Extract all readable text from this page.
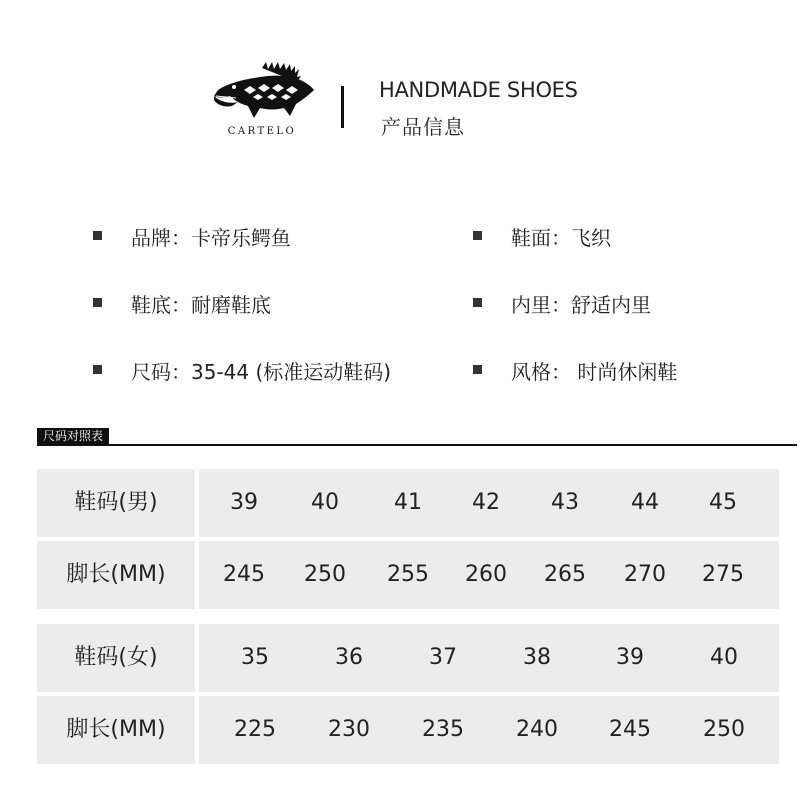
CARTELO
HANDMADE SHOES
产品信息
品牌：卡帝乐鳄鱼
鞋底：耐磨鞋底
尺码：35-44 (标准运动鞋码)
鞋面：飞织
内里：舒适内里
风格： 时尚休闲鞋
尺码对照表
鞋码(男)	39 40	41 42 43 44 45
脚长(MM)	245 250 255 260 265 270 275
鞋码(女)	35	36	37	38	39	40
脚长(MM)	225 230 235 240 245 250
